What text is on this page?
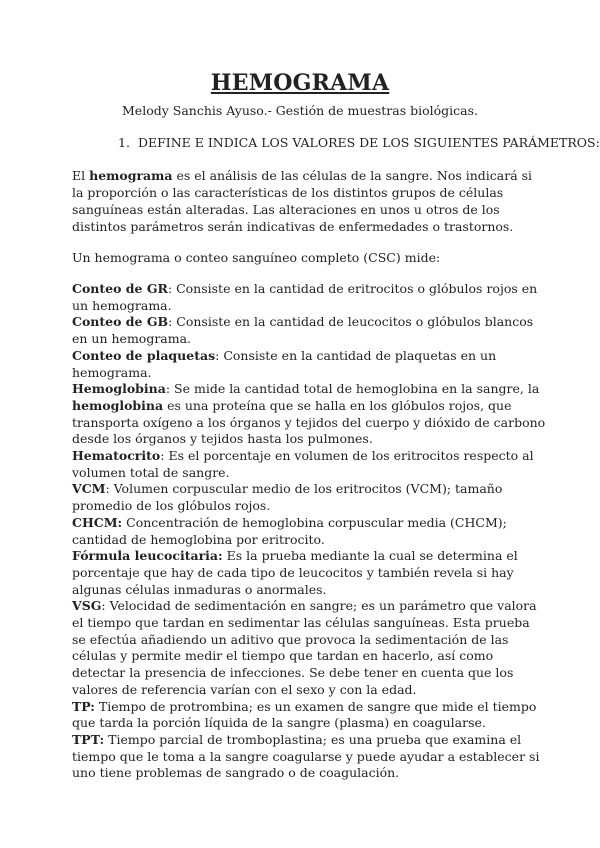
HEMOGRAMA
Melody Sanchis Ayuso.- Gestión de muestras biológicas.
1. DEFINE E INDICA LOS VALORES DE LOS SIGUIENTES PARÁMETROS:
El hemograma es el análisis de las células de la sangre. Nos indicará si la proporción o las características de los distintos grupos de células sanguíneas están alteradas. Las alteraciones en unos u otros de los distintos parámetros serán indicativas de enfermedades o trastornos.
Un hemograma o conteo sanguíneo completo (CSC) mide:

Conteo de GR: Consiste en la cantidad de eritrocitos o glóbulos rojos en un hemograma.

Conteo de GB: Consiste en la cantidad de leucocitos o glóbulos blancos en un hemograma.

Conteo de plaquetas: Consiste en la cantidad de plaquetas en un hemograma.

Hemoglobina: Se mide la cantidad total de hemoglobina en la sangre, la hemoglobina es una proteína que se halla en los glóbulos rojos, que transporta oxígeno a los órganos y tejidos del cuerpo y dióxido de carbono desde los órganos y tejidos hasta los pulmones.

Hematocrito: Es el porcentaje en volumen de los eritrocitos respecto al volumen total de sangre.

VCM: Volumen corpuscular medio de los eritrocitos (VCM); tamaño promedio de los glóbulos rojos.

CHCM: Concentración de hemoglobina corpuscular media (CHCM); cantidad de hemoglobina por eritrocito.

Fórmula leucocitaria: Es la prueba mediante la cual se determina el porcentaje que hay de cada tipo de leucocitos y también revela si hay algunas células inmaduras o anormales.

VSG: Velocidad de sedimentación en sangre; es un parámetro que valora el tiempo que tardan en sedimentar las células sanguíneas. Esta prueba se efectúa añadiendo un aditivo que provoca la sedimentación de las células y permite medir el tiempo que tardan en hacerlo, así como detectar la presencia de infecciones. Se debe tener en cuenta que los valores de referencia varían con el sexo y con la edad.

TP: Tiempo de protrombina; es un examen de sangre que mide el tiempo que tarda la porción líquida de la sangre (plasma) en coagularse.

TPT: Tiempo parcial de tromboplastina; es una prueba que examina el tiempo que le toma a la sangre coagularse y puede ayudar a establecer si uno tiene problemas de sangrado o de coagulación.
